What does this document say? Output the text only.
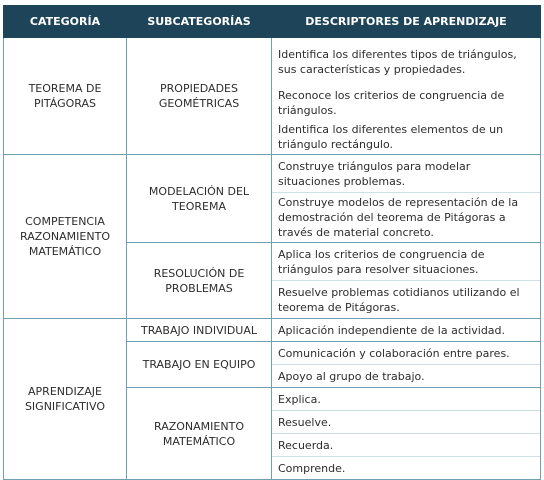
CATEGORÍA	SUBCATEGORÍAS	DESCRIPTORES DE APRENDIZAJE
TEOREMA DE PITÁGORAS	PROPIEDADES GEOMÉTRICAS	Identifica los diferentes tipos de triángulos, sus características y propiedades.
		Reconoce los criterios de congruencia de triángulos.
		Identifica los diferentes elementos de un triángulo rectángulo.
COMPETENCIA RAZONAMIENTO MATEMÁTICO	MODELACIÓN DEL TEOREMA	Construye triángulos para modelar situaciones problemas.
		Construye modelos de representación de la demostración del teorema de Pitágoras a través de material concreto.
	RESOLUCIÓN DE PROBLEMAS	Aplica los criterios de congruencia de triángulos para resolver situaciones.
		Resuelve problemas cotidianos utilizando el teorema de Pitágoras.
APRENDIZAJE SIGNIFICATIVO	TRABAJO INDIVIDUAL	Aplicación independiente de la actividad.
	TRABAJO EN EQUIPO	Comunicación y colaboración entre pares.
		Apoyo al grupo de trabajo.
	RAZONAMIENTO MATEMÁTICO	Explica.
		Resuelve.
		Recuerda.
		Comprende.
